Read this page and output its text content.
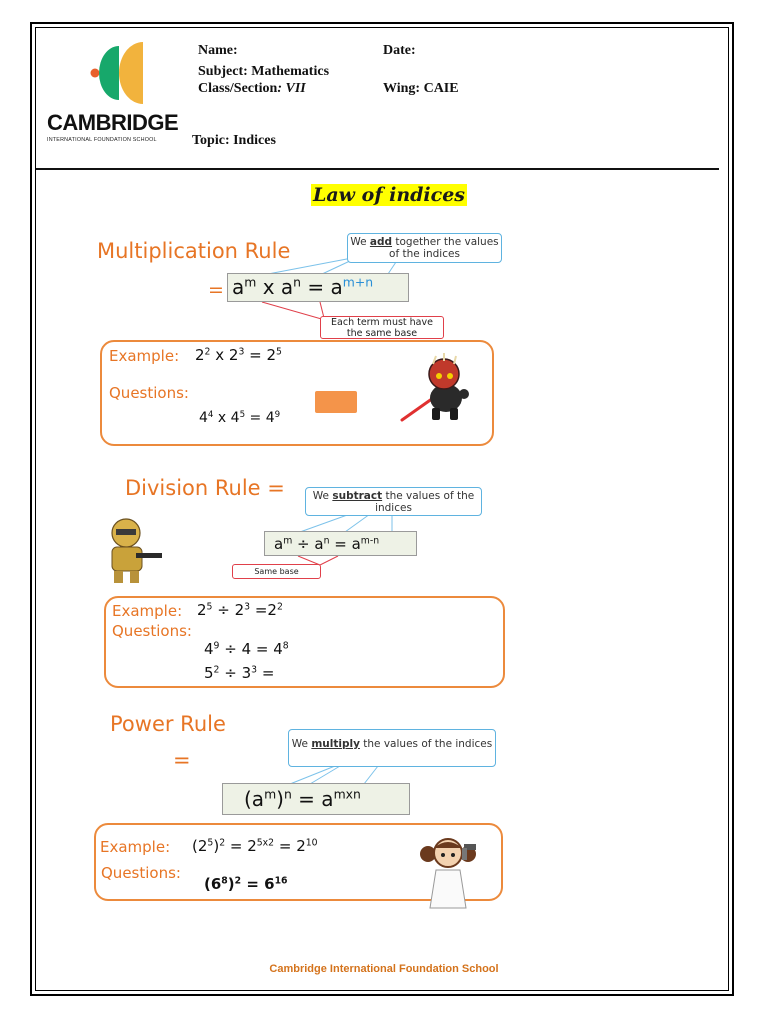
CAMBRIDGE
INTERNATIONAL FOUNDATION SCHOOL
Name:	Date:
Subject: Mathematics
Class/Section: VII	Wing: CAIE
Topic: Indices
Law of indices
Multiplication Rule	We add together the values of the indices
= $a^m$ x $a^n = a^{m+n}$
Each term must have the same base
Example: $2^2$ x $2^3 = 2^5$
Questions:
$4^4$ x $4^5 = 4^9$
Division Rule =	We subtract the values of the indices
$a^m \div a^n = a^{m-n}$
Same base
Example: $2^5 \div 2^3 =2^2$
Questions:
$4^9 \div 4 = 4^8$
$5^2 \div 3^3$ =
Power Rule
=
We multiply the values of the indices
$(a^m)^n = a^{mxn}$
Example: $(2^5)^2 = 2^{5x2} = 2^{10}$
Questions:
$(6^8)^2 = 6^{16}$
Cambridge International Foundation School
